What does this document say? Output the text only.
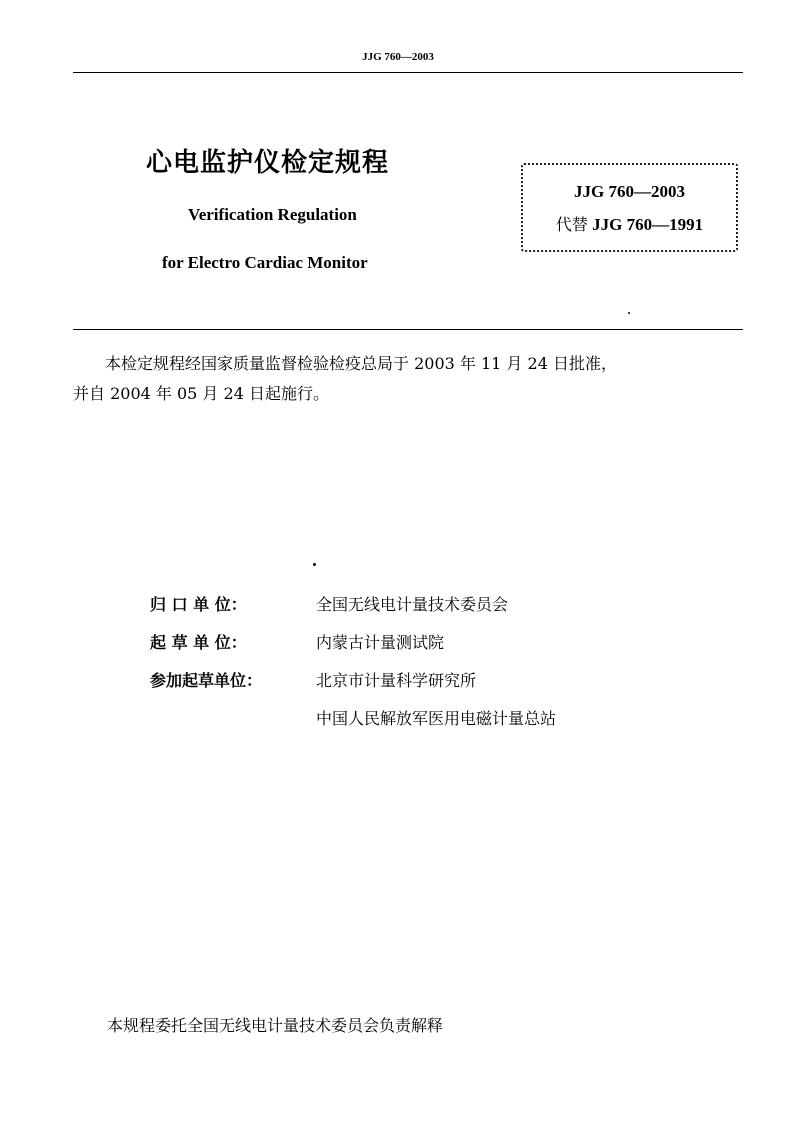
JJG 760—2003
心电监护仪检定规程
Verification Regulation
for Electro Cardiac Monitor
JJG 760—2003
代替 JJG 760—1991
本检定规程经国家质量监督检验检疫总局于 2003 年 11 月 24 日批准，
并自 2004 年 05 月 24 日起施行。
归 口 单 位：	全国无线电计量技术委员会
起 草 单 位：	内蒙古计量测试院
参加起草单位：	北京市计量科学研究所
中国人民解放军医用电磁计量总站
本规程委托全国无线电计量技术委员会负责解释
